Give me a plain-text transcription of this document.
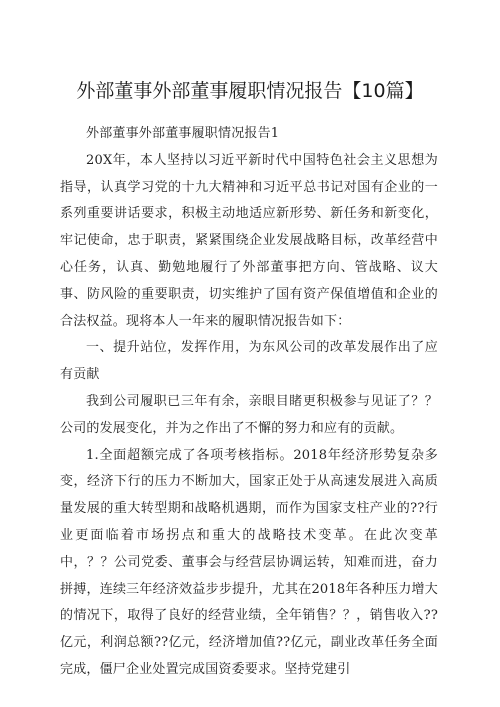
外部董事外部董事履职情况报告【10篇】

外部董事外部董事履职情况报告1

20X年，本人坚持以习近平新时代中国特色社会主义思想为指导，认真学习党的十九大精神和习近平总书记对国有企业的一系列重要讲话要求，积极主动地适应新形势、新任务和新变化，牢记使命，忠于职责，紧紧围绕企业发展战略目标，改革经营中心任务，认真、勤勉地履行了外部董事把方向、管战略、议大事、防风险的重要职责，切实维护了国有资产保值增值和企业的合法权益。现将本人一年来的履职情况报告如下：

一、提升站位，发挥作用，为东风公司的改革发展作出了应有贡献

我到公司履职已三年有余，亲眼目睹更积极参与见证了？？公司的发展变化，并为之作出了不懈的努力和应有的贡献。

1.全面超额完成了各项考核指标。2018年经济形势复杂多变，经济下行的压力不断加大，国家正处于从高速发展进入高质量发展的重大转型期和战略机遇期，而作为国家支柱产业的??行业更面临着市场拐点和重大的战略技术变革。在此次变革中，？？公司党委、董事会与经营层协调运转，知难而进，奋力拼搏，连续三年经济效益步步提升，尤其在2018年各种压力增大的情况下，取得了良好的经营业绩，全年销售？？，销售收入??亿元，利润总额??亿元，经济增加值??亿元，副业改革任务全面完成，僵尸企业处置完成国资委要求。坚持党建引
